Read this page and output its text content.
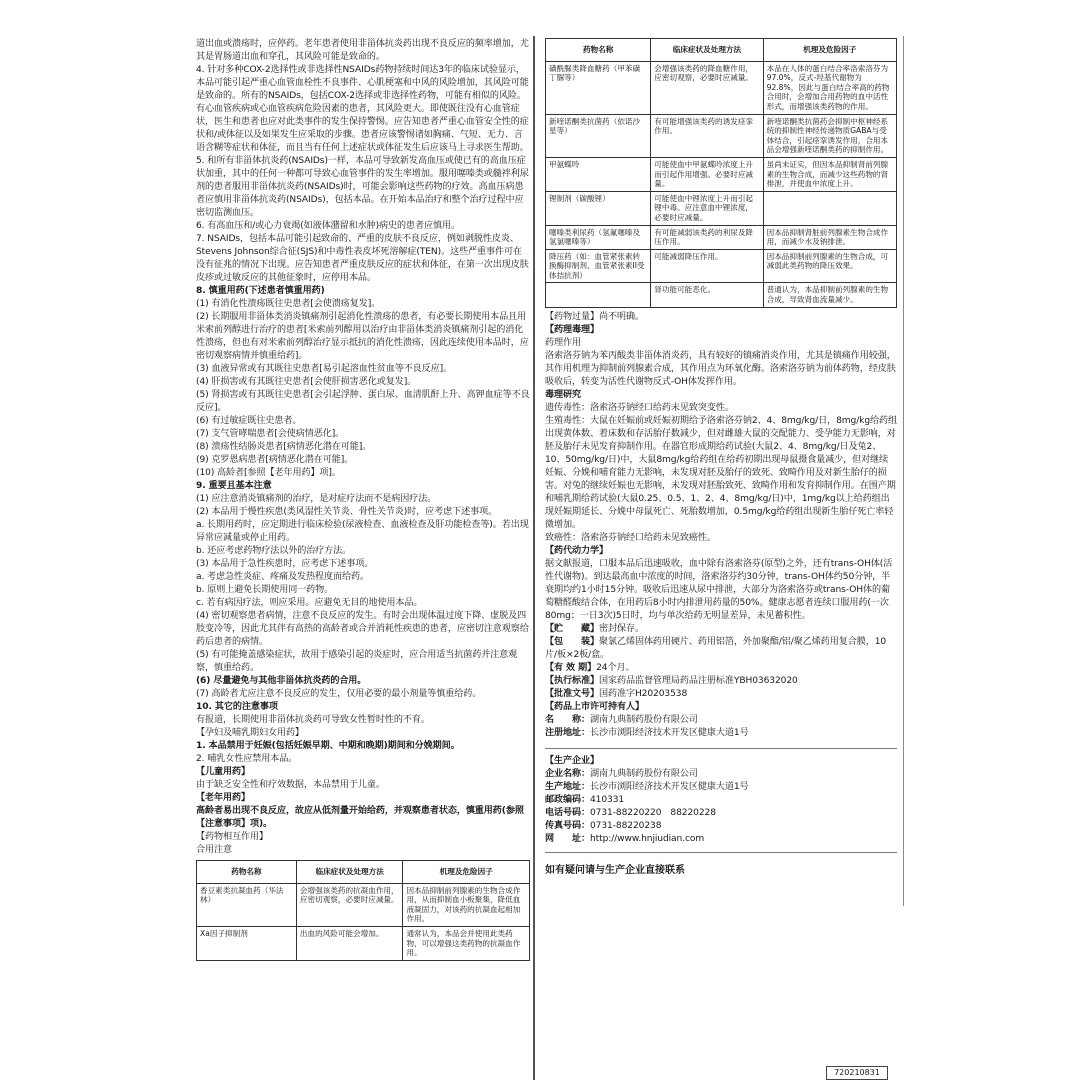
道出血或溃疡时，应停药。老年患者使用非甾体抗炎药出现不良反应的频率增加，尤其是胃肠道出血和穿孔，其风险可能是致命的。

4. 针对多种COX-2选择性或非选择性NSAIDs药物持续时间达3年的临床试验显示，本品可能引起严重心血管血栓性不良事件、心肌梗塞和中风的风险增加，其风险可能是致命的。所有的NSAIDs，包括COX-2选择或非选择性药物，可能有相似的风险。有心血管疾病或心血管疾病危险因素的患者，其风险更大。即使既往没有心血管症状，医生和患者也应对此类事件的发生保持警惕。应告知患者严重心血管安全性的症状和/或体征以及如果发生应采取的步骤。患者应该警惕诸如胸痛、气短、无力、言语含糊等症状和体征，而且当有任何上述症状或体征发生后应该马上寻求医生帮助。

5. 和所有非甾体抗炎药(NSAIDs)一样，本品可导致新发高血压或使已有的高血压症状加重，其中的任何一种都可导致心血管事件的发生率增加。服用噻嗪类或髓袢利尿剂的患者服用非甾体抗炎药(NSAIDs)时，可能会影响这些药物的疗效。高血压病患者应慎用非甾体抗炎药(NSAIDs)，包括本品。在开始本品治疗和整个治疗过程中应密切监测血压。

6. 有高血压和/或心力衰竭(如液体潴留和水肿)病史的患者应慎用。

7. NSAIDs，包括本品可能引起致命的、严重的皮肤不良反应，例如剥脱性皮炎、Stevens Johnson综合征(SJS)和中毒性表皮坏死溶解症(TEN)。这些严重事件可在没有征兆的情况下出现。应告知患者严重皮肤反应的症状和体征，在第一次出现皮肤皮疹或过敏反应的其他征象时，应停用本品。

8. 慎重用药(下述患者慎重用药)

(1) 有消化性溃疡既往史患者[会使溃疡复发]。

(2) 长期服用非甾体类消炎镇痛剂引起消化性溃疡的患者，有必要长期使用本品且用米索前列醇进行治疗的患者[米索前列醇用以治疗由非甾体类消炎镇痛剂引起的消化性溃疡，但也有对米索前列醇治疗显示抵抗的消化性溃疡，因此连续使用本品时，应密切观察病情并慎重给药]。

(3) 血液异常或有其既往史患者[易引起溶血性贫血等不良反应]。

(4) 肝损害或有其既往史患者[会使肝损害恶化或复发]。

(5) 肾损害或有其既往史患者[会引起浮肿、蛋白尿、血清肌酐上升、高钾血症等不良反应]。

(6) 有过敏症既往史患者。

(7) 支气管哮喘患者[会使病情恶化]。

(8) 溃疡性结肠炎患者[病情恶化潜在可能]。

(9) 克罗恩病患者[病情恶化潜在可能]。

(10) 高龄者[参照【老年用药】项]。

9. 重要且基本注意

(1) 应注意消炎镇痛剂的治疗，是对症疗法而不是病因疗法。

(2) 本品用于慢性疾患(类风湿性关节炎、骨性关节炎)时，应考虑下述事项。

a. 长期用药时，应定期进行临床检验(尿液检查、血液检查及肝功能检查等)。若出现异常应减量或停止用药。

b. 还应考虑药物疗法以外的治疗方法。

(3) 本品用于急性疾患时，应考虑下述事项。

a. 考虑急性炎症、疼痛及发热程度而给药。

b. 原则上避免长期使用同一药物。

c. 若有病因疗法，则应采用。应避免无目的地使用本品。

(4) 密切观察患者病情，注意不良反应的发生。有时会出现体温过度下降、虚脱及四肢变冷等，因此尤其伴有高热的高龄者或合并消耗性疾患的患者，应密切注意观察给药后患者的病情。

(5) 有可能掩盖感染症状，故用于感染引起的炎症时，应合用适当抗菌药并注意观察，慎重给药。

(6) 尽量避免与其他非甾体抗炎药的合用。

(7) 高龄者尤应注意不良反应的发生，仅用必要的最小剂量等慎重给药。

10. 其它的注意事项

有报道，长期使用非甾体抗炎药可导致女性暂时性的不育。

【孕妇及哺乳期妇女用药】

1. 本品禁用于妊娠(包括妊娠早期、中期和晚期)期间和分娩期间。

2. 哺乳女性应禁用本品。

【儿童用药】

由于缺乏安全性和疗效数据，本品禁用于儿童。

【老年用药】

高龄者易出现不良反应，故应从低剂量开始给药，并观察患者状态，慎重用药(参照【注意事项】项)。

【药物相互作用】

合用注意

药物名称	临床症状及处理方法	机理及危险因子
香豆素类抗凝血药（华法林）	会增强该类药的抗凝血作用，应密切观察，必要时应减量。	因本品抑制前列腺素的生物合成作用，从而抑制血小板聚集，降低血液凝固力，对该药的抗凝血起相加作用。
Xa因子抑制剂	出血的风险可能会增加。	通常认为，本品会并使用此类药物，可以增强这类药物的抗凝血作用。
药物名称	临床症状及处理方法	机理及危险因子
磺酰脲类降血糖药（甲苯磺丁脲等）	会增强该类药的降血糖作用，应密切观察，必要时应减量。	本品在人体的蛋白结合率洛索洛芬为97.0%，反式-羟基代谢物为92.8%，因此与蛋白结合率高的药物合用时，会增加合用药物的血中活性形式，而增强该类药物的作用。
新喹诺酮类抗菌药（依诺沙星等）	有可能增强该类药的诱发痉挛作用。	新喹诺酮类抗菌药会抑制中枢神经系统的抑制性神经传递物质GABA与受体结合，引起痉挛诱发作用，合用本品会增强新喹诺酮类药的抑制作用。
甲氨蝶呤	可能使血中甲氨蝶呤浓度上升而引起作用增强。必要时应减量。	虽尚未证实，但因本品抑制肾前列腺素的生物合成，而减少这些药物的肾排泄，并使血中浓度上升。
锂制剂（碳酸锂）	可能使血中锂浓度上升而引起锂中毒。应注意血中锂浓度，必要时应减量。	
噻嗪类利尿药（氢氟噻嗪及氢氯噻嗪等）	有可能减弱该类药的利尿及降压作用。	因本品抑制肾脏前列腺素生物合成作用，而减少水及钠排泄。
降压药（如：血管紧张素转换酶抑制剂、血管紧张素II受体拮抗剂）	可能减弱降压作用。	因本品抑制前列腺素的生物合成，可减弱此类药物的降压效果。
	肾功能可能恶化。	普通认为，本品抑制前列腺素的生物合成，导致肾血流量减少。

【药物过量】尚不明确。

【药理毒理】

药理作用

洛索洛芬钠为苯丙酸类非甾体消炎药，具有较好的镇痛消炎作用，尤其是镇痛作用较强，其作用机理为抑制前列腺素合成，其作用点为环氧化酶。洛索洛芬钠为前体药物，经皮肤吸收后，转变为活性代谢物反式-OH体发挥作用。

毒理研究

遗传毒性：洛索洛芬钠经口给药未见致突变性。

生殖毒性：大鼠在妊娠前或妊娠初期给予洛索洛芬钠2、4、8mg/kg/日，8mg/kg给药组出现黄体数、着床数和存活胎仔数减少，但对雌雄大鼠的交配能力、受孕能力无影响，对胚及胎仔未见发育抑制作用。在器官形成期给药试验(大鼠2、4、8mg/kg/日及兔2、10、50mg/kg/日)中，大鼠8mg/kg给药组在给药初期出现母鼠摄食量减少，但对继续妊娠、分娩和哺育能力无影响，未发现对胚及胎仔的致死、致畸作用及对新生胎仔的损害。对兔的继续妊娠也无影响，未发现对胚胎致死、致畸作用和发育抑制作用。在围产期和哺乳期给药试验(大鼠0.25、0.5、1、2、4、8mg/kg/日)中，1mg/kg以上给药组出现妊娠期延长、分娩中母鼠死亡、死胎数增加，0.5mg/kg给药组出现新生胎仔死亡率轻微增加。

致癌性：洛索洛芬钠经口给药未见致癌性。

【药代动力学】

据文献报道，口服本品后迅速吸收，血中除有洛索洛芬(原型)之外，还有trans-OH体(活性代谢物)。到达最高血中浓度的时间，洛索洛芬约30分钟，trans-OH体约50分钟，半衰期均约1小时15分钟。吸收后迅速从尿中排泄，大部分为洛索洛芬或trans-OH体的葡萄糖醛酸结合体，在用药后8小时内排泄用药量的50%。健康志愿者连续口服用药(一次80mg；一日3次)5日时，均与单次给药无明显差异，未见蓄积性。

【贮　　藏】密封保存。

【包　　装】聚氯乙烯固体药用硬片、药用铝箔，外加聚酯/铝/聚乙烯药用复合膜，10片/板×2板/盒。

【有 效 期】24个月。

【执行标准】国家药品监督管理局药品注册标准YBH03632020

【批准文号】国药准字H20203538

【药品上市许可持有人】

名　　称：湖南九典制药股份有限公司

注册地址：长沙市浏阳经济技术开发区健康大道1号

【生产企业】

企业名称：湖南九典制药股份有限公司

生产地址：长沙市浏阳经济技术开发区健康大道1号

邮政编码：410331

电话号码：0731-88220220　88220228

传真号码：0731-88220238

网　　址：http://www.hnjiudian.com

如有疑问请与生产企业直接联系

720210831
